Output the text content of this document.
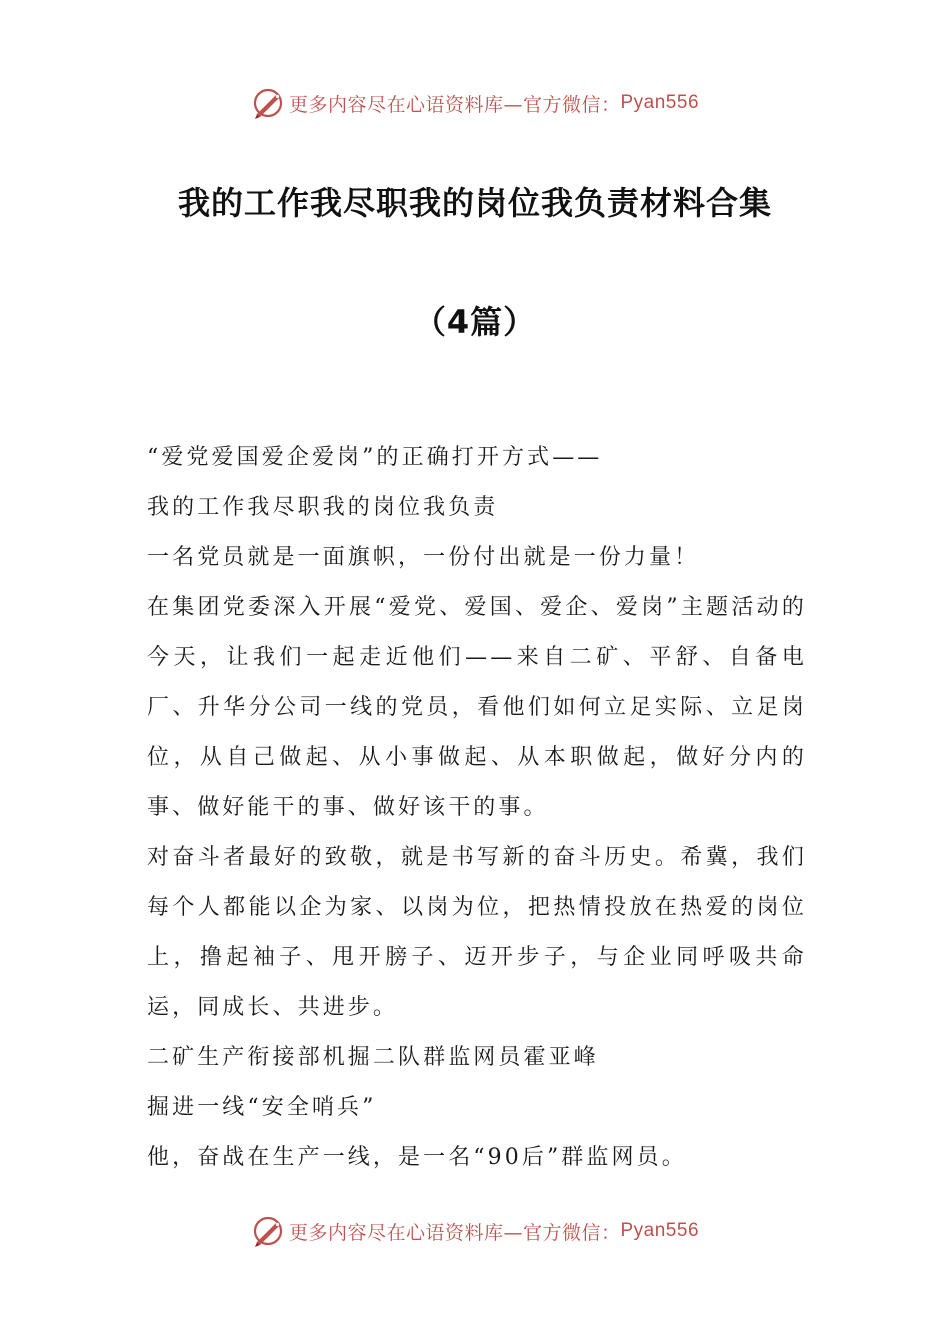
更多内容尽在心语资料库 —官方微信： Pyan556
我的工作我尽职我的岗位我负责材料合集
（4篇）

“爱党爱国爱企爱岗”的正确打开方式——

我的工作我尽职我的岗位我负责

一名党员就是一面旗帜，一份付出就是一份力量！

在集团党委深入开展“爱党、爱国、爱企、爱岗”主题活动的今天，让我们一起走近他们——来自二矿、平舒、自备电厂、升华分公司一线的党员，看他们如何立足实际、立足岗位，从自己做起、从小事做起、从本职做起，做好分内的事、做好能干的事、做好该干的事。

对奋斗者最好的致敬，就是书写新的奋斗历史。希冀，我们每个人都能以企为家、以岗为位，把热情投放在热爱的岗位上，撸起袖子、甩开膀子、迈开步子，与企业同呼吸共命运，同成长、共进步。

二矿生产衔接部机掘二队群监网员霍亚峰

掘进一线“安全哨兵”

他，奋战在生产一线，是一名“90后”群监网员。

更多内容尽在心语资料库 —官方微信： Pyan556
